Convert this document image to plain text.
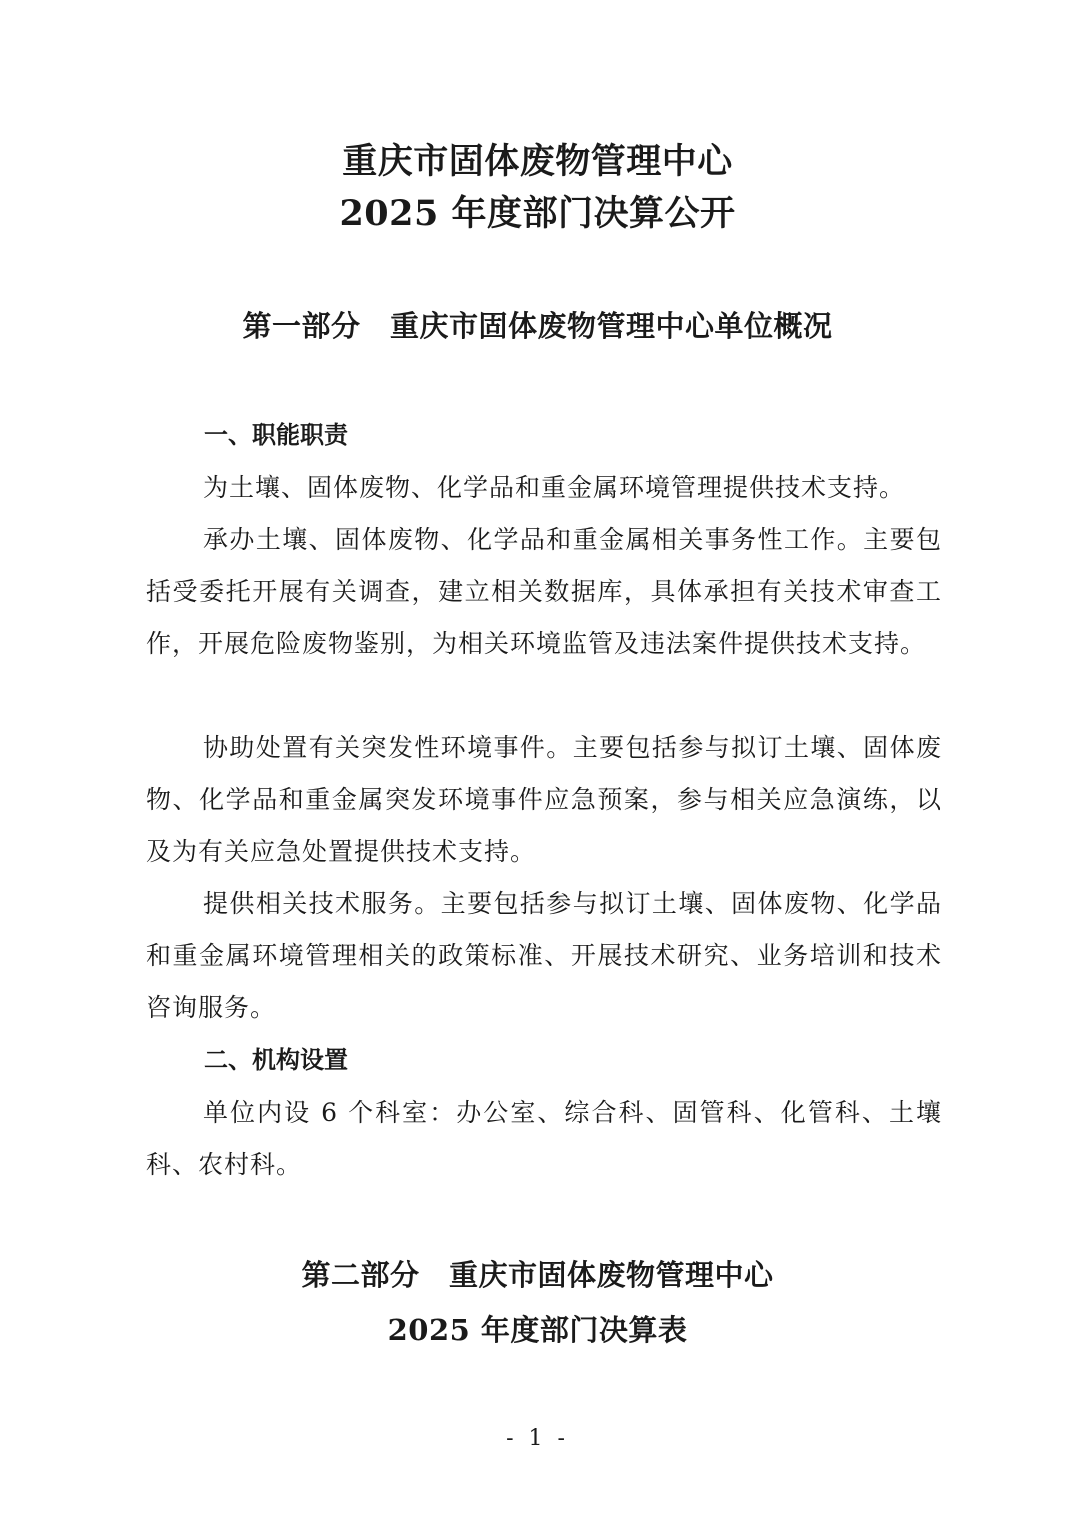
重庆市固体废物管理中心
2025 年度部门决算公开
第一部分　重庆市固体废物管理中心单位概况
一、职能职责

为土壤、固体废物、化学品和重金属环境管理提供技术支持。

承办土壤、固体废物、化学品和重金属相关事务性工作。主要包括受委托开展有关调查，建立相关数据库，具体承担有关技术审查工作，开展危险废物鉴别，为相关环境监管及违法案件提供技术支持。

协助处置有关突发性环境事件。主要包括参与拟订土壤、固体废物、化学品和重金属突发环境事件应急预案，参与相关应急演练，以及为有关应急处置提供技术支持。

提供相关技术服务。主要包括参与拟订土壤、固体废物、化学品和重金属环境管理相关的政策标准、开展技术研究、业务培训和技术咨询服务。

二、机构设置

单位内设 6 个科室：办公室、综合科、固管科、化管科、土壤科、农村科。

第二部分　重庆市固体废物管理中心
2025 年度部门决算表
- 1 -
